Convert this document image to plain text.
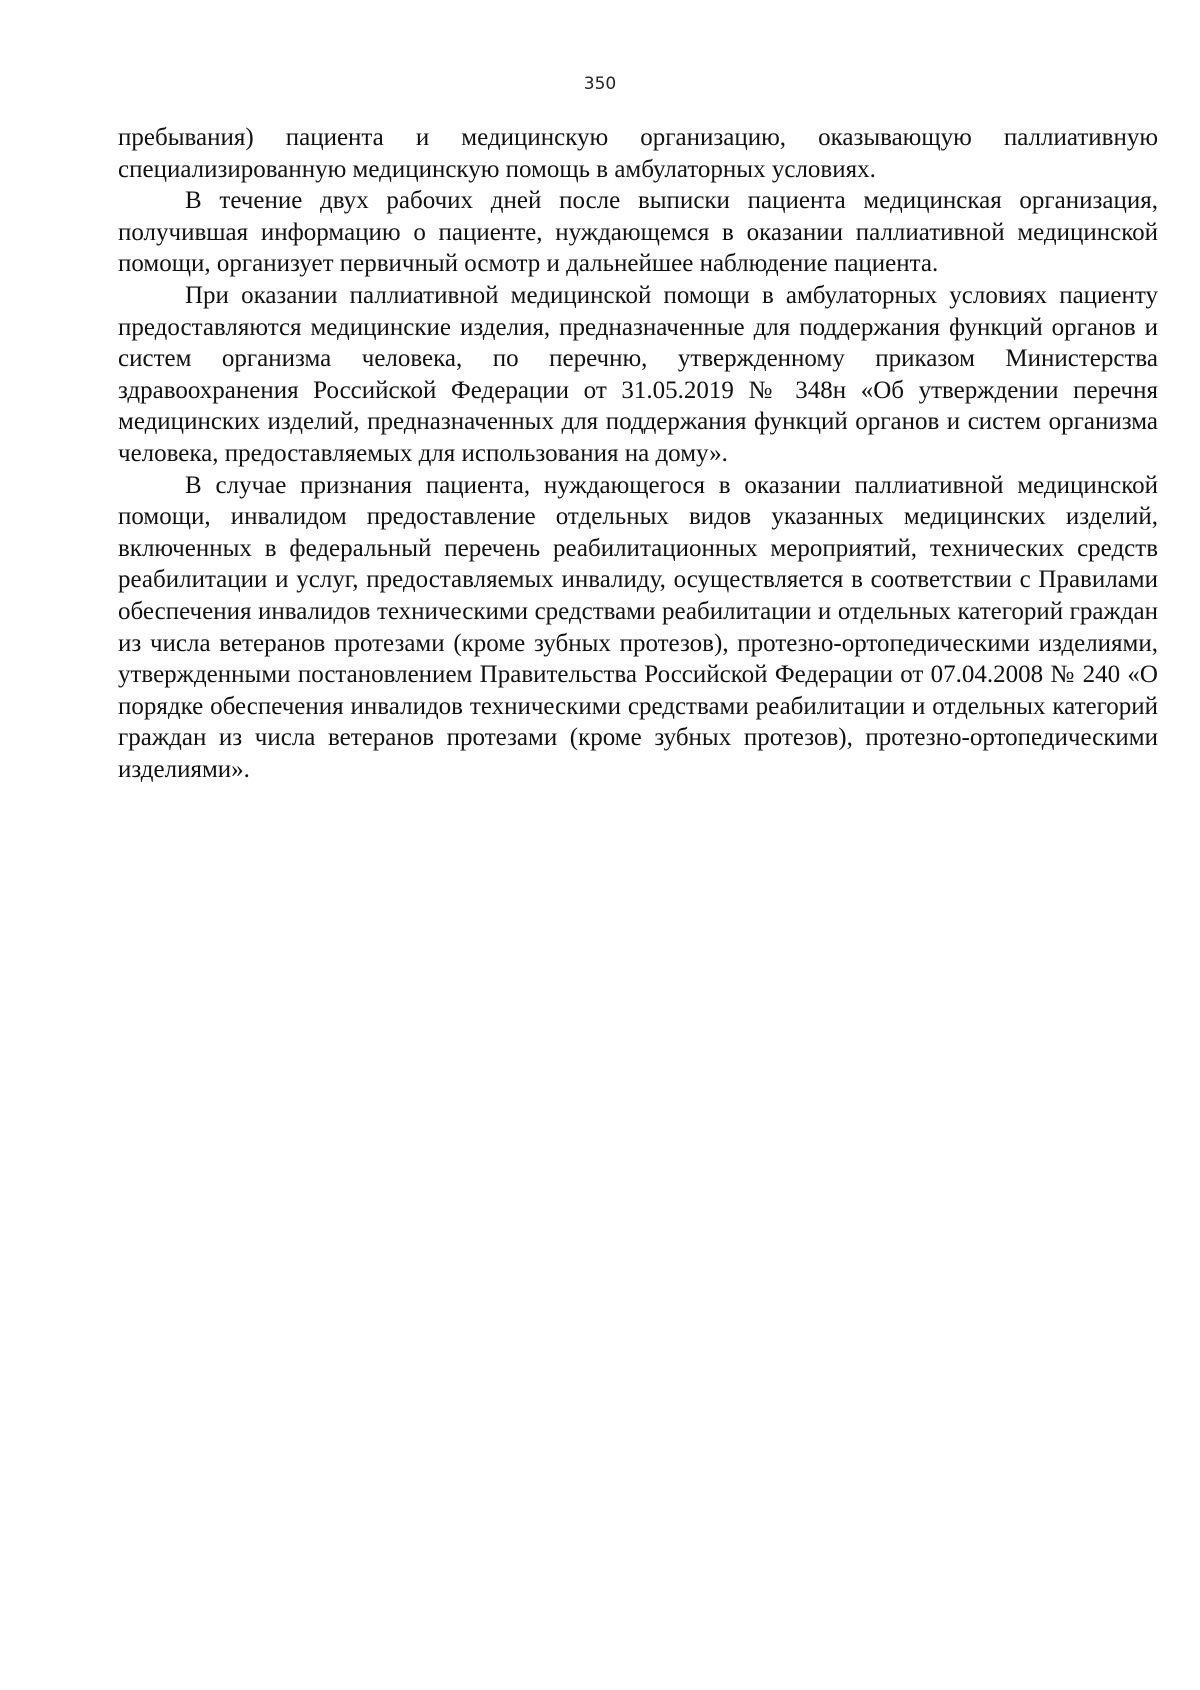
350

пребывания) пациента и медицинскую организацию, оказывающую паллиативную специализированную медицинскую помощь в амбулаторных условиях.

В течение двух рабочих дней после выписки пациента медицинская организация, получившая информацию о пациенте, нуждающемся в оказании паллиативной медицинской помощи, организует первичный осмотр и дальнейшее наблюдение пациента.

При оказании паллиативной медицинской помощи в амбулаторных условиях пациенту предоставляются медицинские изделия, предназначенные для поддержания функций органов и систем организма человека, по перечню, утвержденному приказом Министерства здравоохранения Российской Федерации от 31.05.2019 № 348н «Об утверждении перечня медицинских изделий, предназначенных для поддержания функций органов и систем организма человека, предоставляемых для использования на дому».

В случае признания пациента, нуждающегося в оказании паллиативной медицинской помощи, инвалидом предоставление отдельных видов указанных медицинских изделий, включенных в федеральный перечень реабилитационных мероприятий, технических средств реабилитации и услуг, предоставляемых инвалиду, осуществляется в соответствии с Правилами обеспечения инвалидов техническими средствами реабилитации и отдельных категорий граждан из числа ветеранов протезами (кроме зубных протезов), протезно-ортопедическими изделиями, утвержденными постановлением Правительства Российской Федерации от 07.04.2008 № 240 «О порядке обеспечения инвалидов техническими средствами реабилитации и отдельных категорий граждан из числа ветеранов протезами (кроме зубных протезов), протезно-ортопедическими изделиями».
